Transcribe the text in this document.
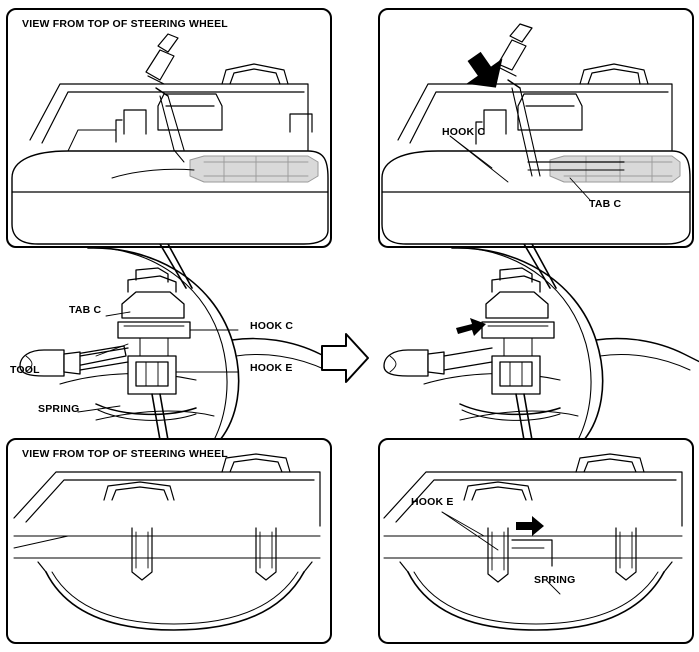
VIEW FROM TOP OF STEERING WHEEL
HOOK C
TAB C
VIEW FROM TOP OF STEERING WHEEL
HOOK E
SPRING
TAB C
HOOK C
HOOK E
TOOL
SPRING
